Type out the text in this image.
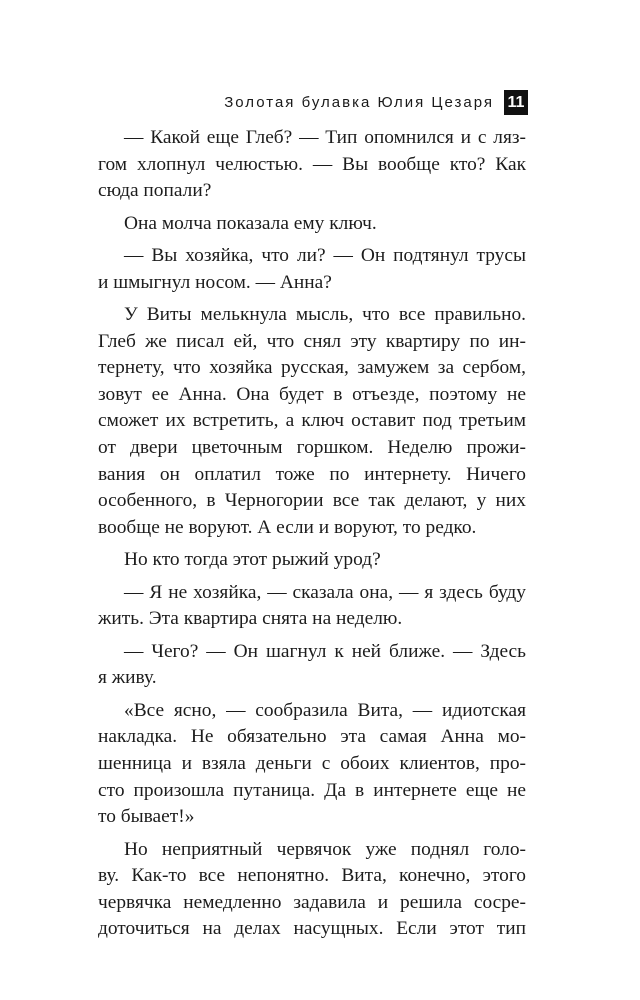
Золотая булавка Юлия Цезаря 11
— Какой еще Глеб? — Тип опомнился и с ляз-
гом хлопнул челюстью. — Вы вообще кто? Как
сюда попали?
Она молча показала ему ключ.
— Вы хозяйка, что ли? — Он подтянул трусы
и шмыгнул носом. — Анна?
У Виты мелькнула мысль, что все правильно.
Глеб же писал ей, что снял эту квартиру по ин-
тернету, что хозяйка русская, замужем за сербом,
зовут ее Анна. Она будет в отъезде, поэтому не
сможет их встретить, а ключ оставит под третьим
от двери цветочным горшком. Неделю прожи-
вания он оплатил тоже по интернету. Ничего
особенного, в Черногории все так делают, у них
вообще не воруют. А если и воруют, то редко.
Но кто тогда этот рыжий урод?
— Я не хозяйка, — сказала она, — я здесь буду
жить. Эта квартира снята на неделю.
— Чего? — Он шагнул к ней ближе. — Здесь
я живу.
«Все ясно, — сообразила Вита, — идиотская
накладка. Не обязательно эта самая Анна мо-
шенница и взяла деньги с обоих клиентов, про-
сто произошла путаница. Да в интернете еще не
то бывает!»
Но неприятный червячок уже поднял голо-
ву. Как-то все непонятно. Вита, конечно, этого
червячка немедленно задавила и решила сосре-
доточиться на делах насущных. Если этот тип
